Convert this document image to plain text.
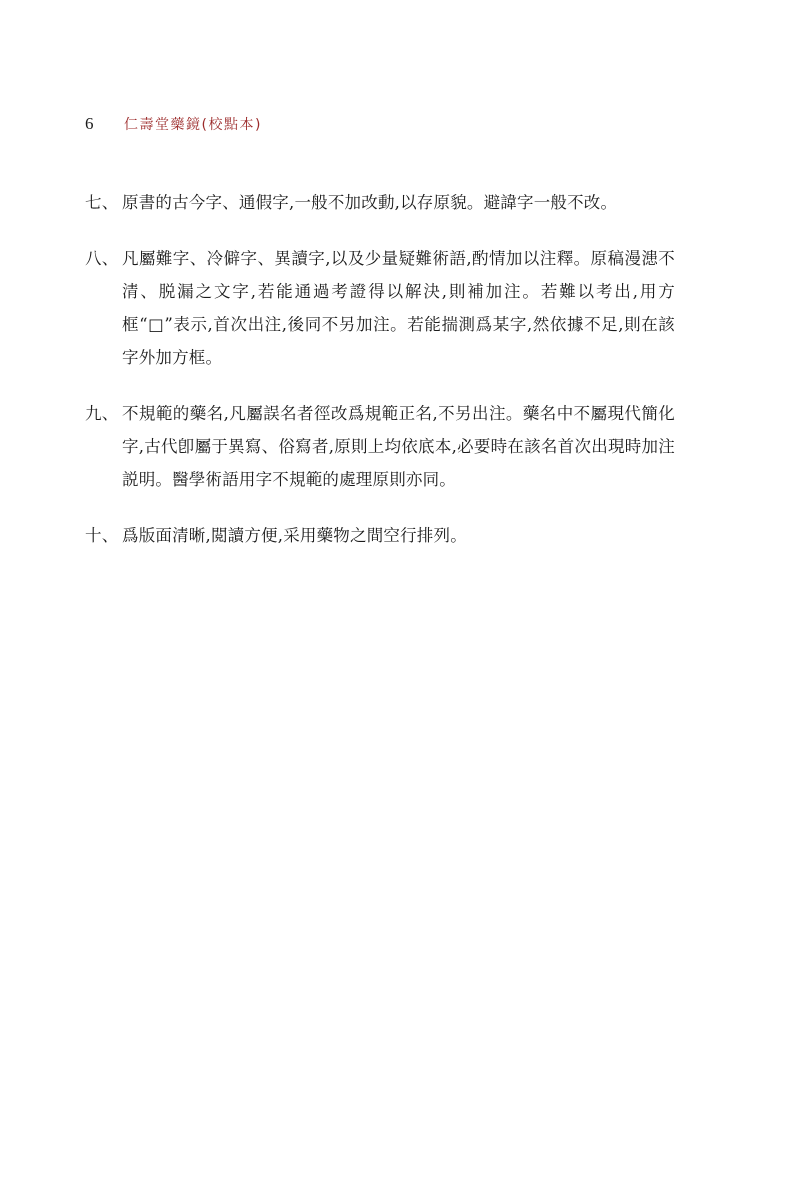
6	仁壽堂藥鏡(校點本)
七、 原書的古今字、通假字,一般不加改動,以存原貌。避諱字一般不改。

八、 凡屬難字、冷僻字、異讀字,以及少量疑難術語,酌情加以注釋。原稿漫漶不清、脱漏之文字,若能通過考證得以解決,則補加注。若難以考出,用方框“□”表示,首次出注,後同不另加注。若能揣測爲某字,然依據不足,則在該字外加方框。

九、 不規範的藥名,凡屬誤名者徑改爲規範正名,不另出注。藥名中不屬現代簡化字,古代卽屬于異寫、俗寫者,原則上均依底本,必要時在該名首次出現時加注説明。醫學術語用字不規範的處理原則亦同。

十、 爲版面清晰,閲讀方便,采用藥物之間空行排列。
